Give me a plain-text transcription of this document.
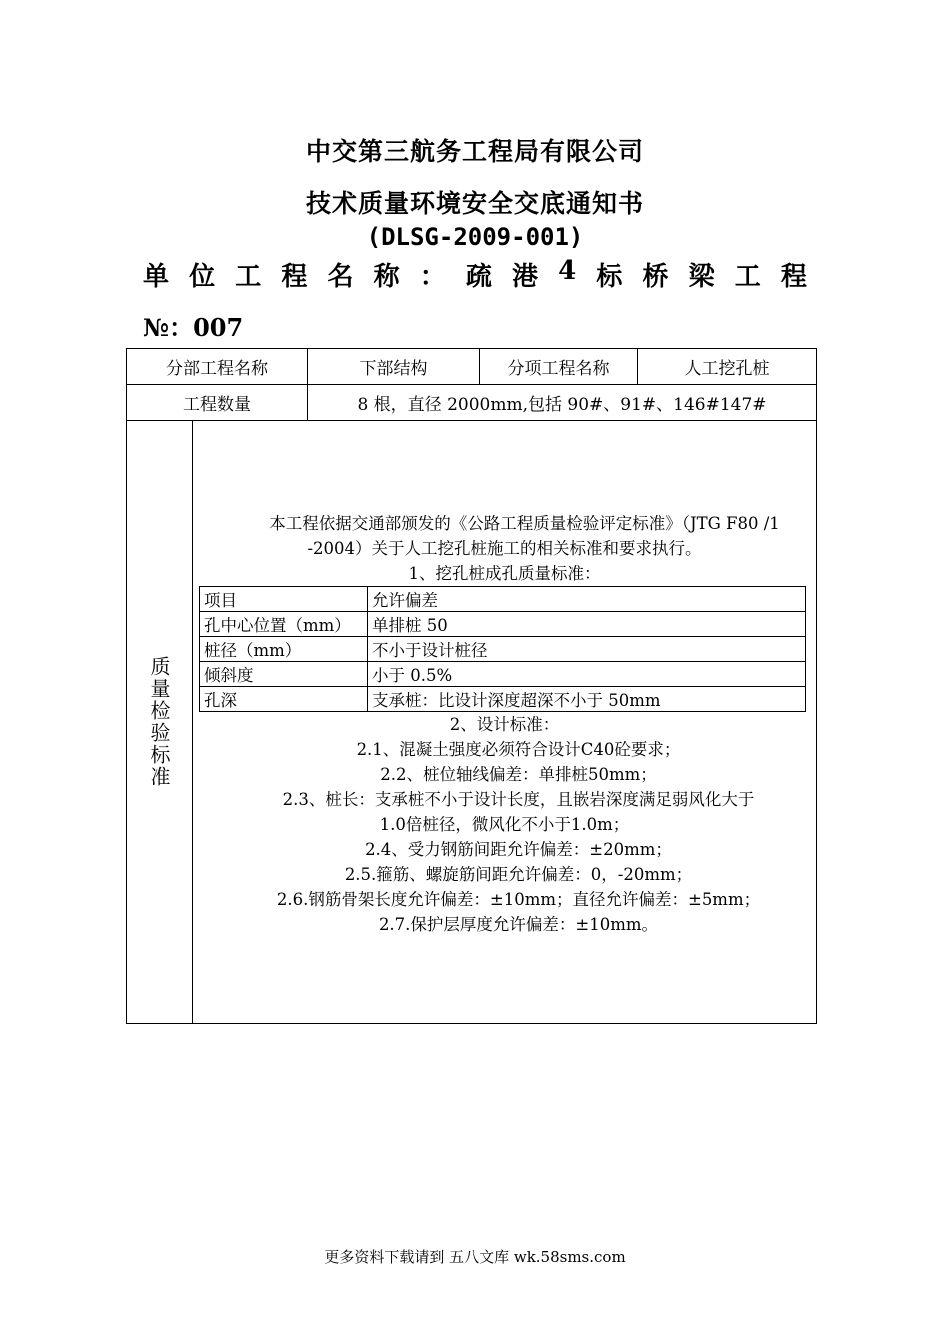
中交第三航务工程局有限公司
技术质量环境安全交底通知书
(DLSG-2009-001)
单 位 工 程 名 称 ： 疏 港 4 标 桥 梁 工 程
№：007
分部工程名称	下部结构	分项工程名称	人工挖孔桩
工程数量	8 根，直径 2000mm,包括 90#、91#、146#147#

质量检验标准

本工程依据交通部颁发的《公路工程质量检验评定标准》（JTG F80 /1 -2004）关于人工挖孔桩施工的相关标准和要求执行。
1、挖孔桩成孔质量标准：
项目	允许偏差
孔中心位置（mm）	单排桩 50
桩径（mm）	不小于设计桩径
倾斜度	小于 0.5%
孔深	支承桩：比设计深度超深不小于 50mm
2、设计标准：
2.1、混凝土强度必须符合设计C40砼要求；
2.2、桩位轴线偏差：单排桩50mm；
2.3、桩长：支承桩不小于设计长度，且嵌岩深度满足弱风化大于
1.0倍桩径，微风化不小于1.0m；
2.4、受力钢筋间距允许偏差：±20mm；
2.5.箍筋、螺旋筋间距允许偏差：0，-20mm；
2.6.钢筋骨架长度允许偏差：±10mm；直径允许偏差：±5mm；
2.7.保护层厚度允许偏差：±10mm。
更多资料下载请到 五八文库 wk.58sms.com
